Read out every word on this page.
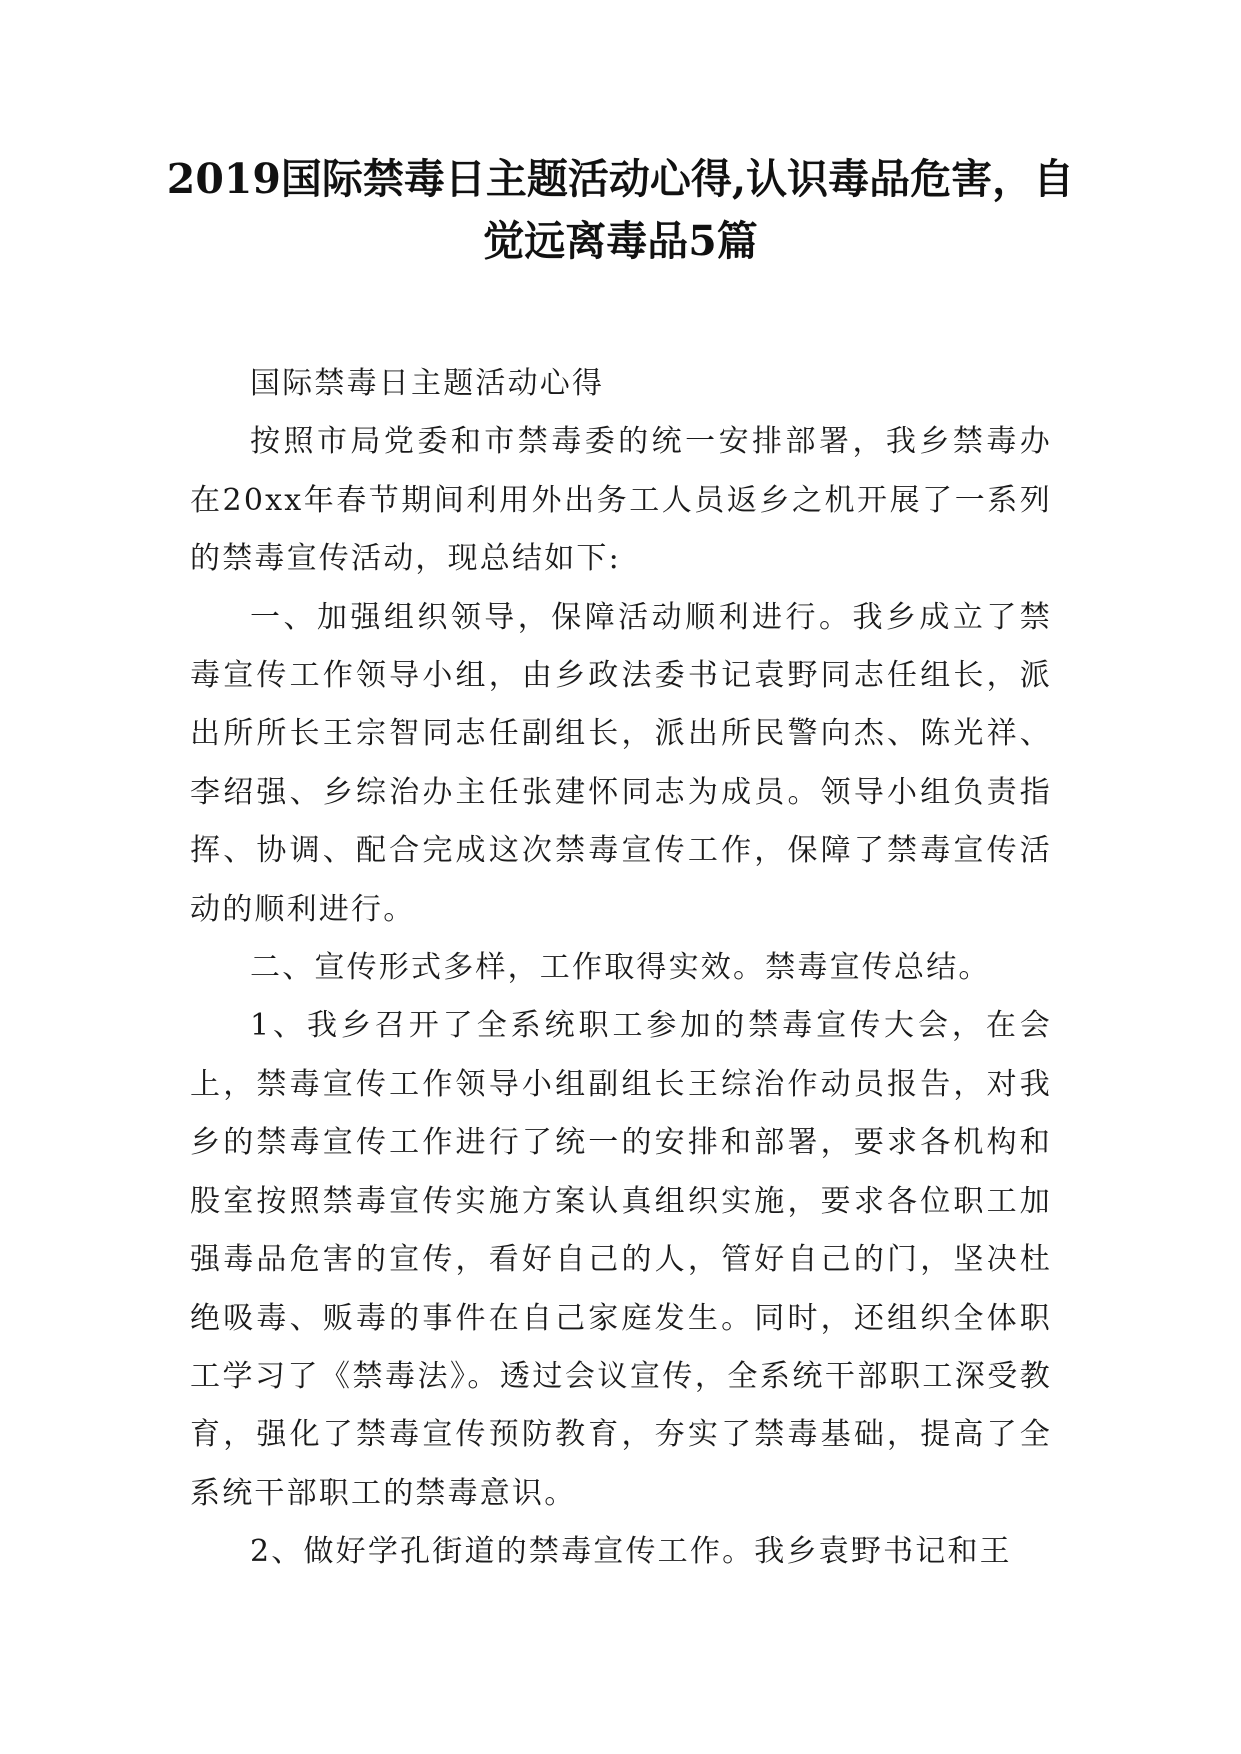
2019国际禁毒日主题活动心得,认识毒品危害，自觉远离毒品5篇

国际禁毒日主题活动心得

按照市局党委和市禁毒委的统一安排部署，我乡禁毒办在20xx年春节期间利用外出务工人员返乡之机开展了一系列的禁毒宣传活动，现总结如下:

一、加强组织领导，保障活动顺利进行。我乡成立了禁毒宣传工作领导小组，由乡政法委书记袁野同志任组长，派出所所长王宗智同志任副组长，派出所民警向杰、陈光祥、李绍强、乡综治办主任张建怀同志为成员。领导小组负责指挥、协调、配合完成这次禁毒宣传工作，保障了禁毒宣传活动的顺利进行。

二、宣传形式多样，工作取得实效。禁毒宣传总结。

1、我乡召开了全系统职工参加的禁毒宣传大会，在会上，禁毒宣传工作领导小组副组长王综治作动员报告，对我乡的禁毒宣传工作进行了统一的安排和部署，要求各机构和股室按照禁毒宣传实施方案认真组织实施，要求各位职工加强毒品危害的宣传，看好自己的人，管好自己的门，坚决杜绝吸毒、贩毒的事件在自己家庭发生。同时，还组织全体职工学习了《禁毒法》。透过会议宣传，全系统干部职工深受教育，强化了禁毒宣传预防教育，夯实了禁毒基础，提高了全系统干部职工的禁毒意识。

2、做好学孔街道的禁毒宣传工作。我乡袁野书记和王
